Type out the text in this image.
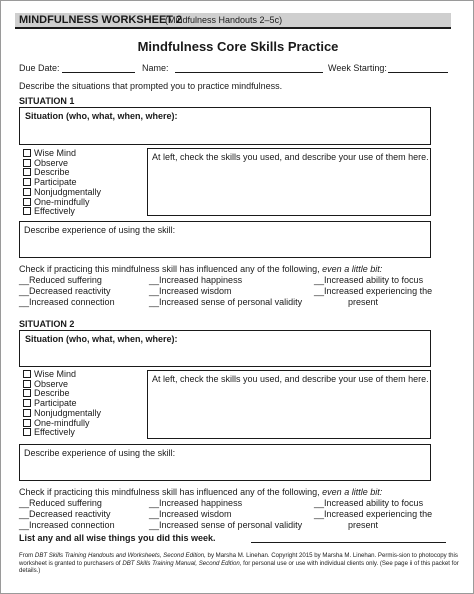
MINDFULNESS WORKSHEET 2
(Mindfulness Handouts 2–5c)
Mindfulness Core Skills Practice
Due Date:	Name:	Week Starting:
Describe the situations that prompted you to practice mindfulness.
SITUATION 1
Situation (who, what, when, where):
Wise Mind
Observe
Describe
Participate
Nonjudgmentally
One-mindfully
Effectively
At left, check the skills you used, and describe your use of them here.
Describe experience of using the skill:
Check if practicing this mindfulness skill has influenced any of the following, even a little bit:
__Reduced suffering
__Decreased reactivity
__Increased connection
__Increased happiness
__Increased wisdom
__Increased sense of personal validity
__Increased ability to focus
__Increased experiencing the
present
SITUATION 2
Situation (who, what, when, where):
Wise Mind
Observe
Describe
Participate
Nonjudgmentally
One-mindfully
Effectively
At left, check the skills you used, and describe your use of them here.
Describe experience of using the skill:
Check if practicing this mindfulness skill has influenced any of the following, even a little bit:
__Reduced suffering
__Decreased reactivity
__Increased connection
__Increased happiness
__Increased wisdom
__Increased sense of personal validity
__Increased ability to focus
__Increased experiencing the
present
List any and all wise things you did this week.
From DBT Skills Training Handouts and Worksheets, Second Edition, by Marsha M. Linehan. Copyright 2015 by Marsha M. Linehan. Permis-sion to photocopy this worksheet is granted to purchasers of DBT Skills Training Manual, Second Edition, for personal use or use with individual clients only. (See page ii of this packet for details.)
